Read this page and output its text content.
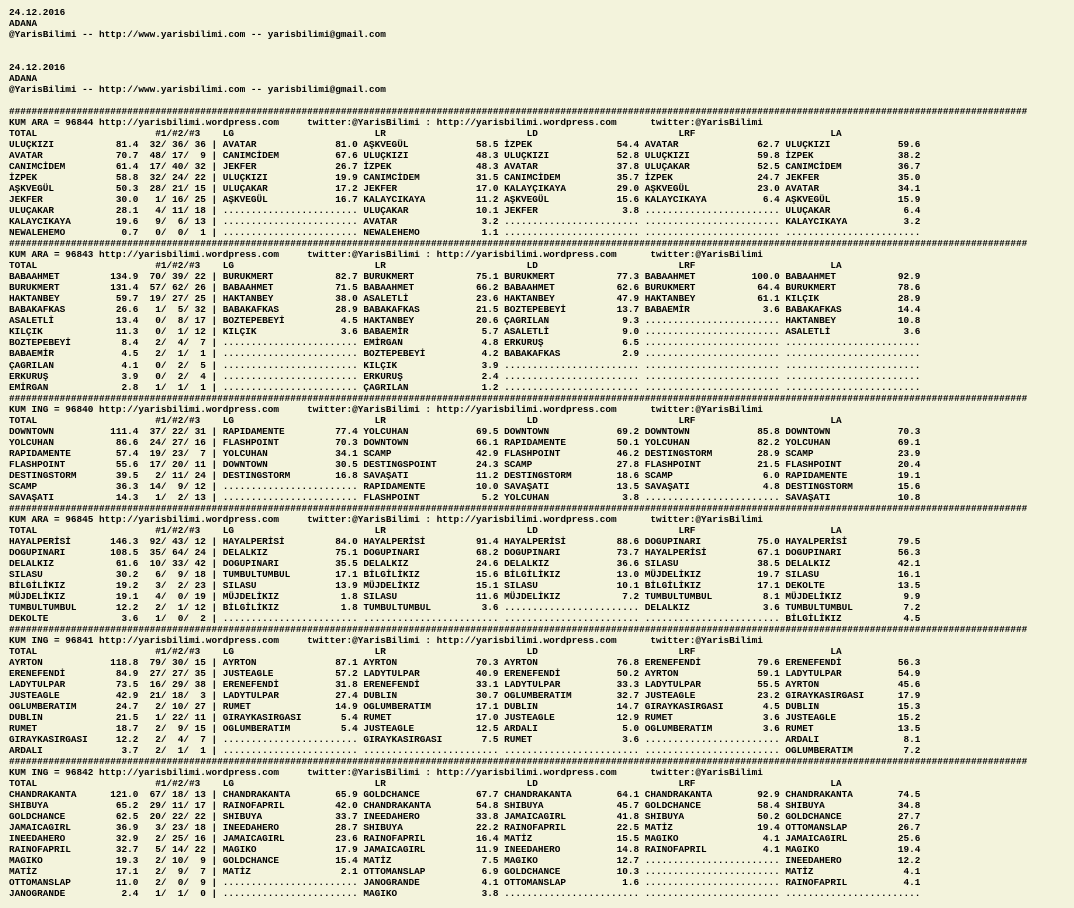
24.12.2016
ADANA
@YarisBilimi -- http://www.yarisbilimi.com -- yarisbilimi@gmail.com
24.12.2016
ADANA
@YarisBilimi -- http://www.yarisbilimi.com -- yarisbilimi@gmail.com
#####################################################################################################################################################################################
KUM ARA = 96844 http://yarisbilimi.wordpress.com     twitter:@YarisBilimi : http://yarisbilimi.wordpress.com      twitter:@YarisBilimi
TOTAL                     #1/#2/#3    LG                         LR                         LD                         LRF                        LA
ULUÇKIZI           81.4  32/ 36/ 36 | AVATAR              81.0 AŞKVEGÜL            58.5 İZPEK               54.4 AVATAR              62.7 ULUÇKIZI            59.6
AVATAR             70.7  48/ 17/  9 | CANIMCİDEM          67.6 ULUÇKIZI            48.3 ULUÇKIZI            52.8 ULUÇKIZI            59.8 İZPEK               38.2
CANIMCİDEM         61.4  17/ 40/ 32 | JEKFER              26.7 İZPEK               48.3 AVATAR              37.8 ULUÇAKAR            52.5 CANIMCİDEM          36.7
İZPEK              58.8  32/ 24/ 22 | ULUÇKIZI            19.9 CANIMCİDEM          31.5 CANIMCİDEM          35.7 İZPEK               24.7 JEKFER              35.0
AŞKVEGÜL           50.3  28/ 21/ 15 | ULUÇAKAR            17.2 JEKFER              17.0 KALAYÇIKAYA         29.0 AŞKVEGÜL            23.0 AVATAR              34.1
JEKFER             30.0   1/ 16/ 25 | AŞKVEGÜL            16.7 KALAYCIKAYA         11.2 AŞKVEGÜL            15.6 KALAYCIKAYA          6.4 AŞKVEGÜL            15.9
ULUÇAKAR           28.1   4/ 11/ 18 | ........................ ULUÇAKAR            10.1 JEKFER               3.8 ........................ ULUÇAKAR             6.4
KALAYCIKAYA        19.6   9/  6/ 13 | ........................ AVATAR               3.2 ........................ ........................ KALAYCIKAYA          3.2
NEWALEHEMO          0.7   0/  0/  1 | ........................ NEWALEHEMO           1.1 ........................ ........................ ........................
#####################################################################################################################################################################################
KUM ARA = 96843 http://yarisbilimi.wordpress.com     twitter:@YarisBilimi : http://yarisbilimi.wordpress.com      twitter:@YarisBilimi
TOTAL                     #1/#2/#3    LG                         LR                         LD                         LRF                        LA
BABAAHMET         134.9  70/ 39/ 22 | BURUKMERT           82.7 BURUKMERT           75.1 BURUKMERT           77.3 BABAAHMET          100.0 BABAAHMET           92.9
BURUKMERT         131.4  57/ 62/ 26 | BABAAHMET           71.5 BABAAHMET           66.2 BABAAHMET           62.6 BURUKMERT           64.4 BURUKMERT           78.6
HAKTANBEY          59.7  19/ 27/ 25 | HAKTANBEY           38.0 ASALETLİ            23.6 HAKTANBEY           47.9 HAKTANBEY           61.1 KILÇIK              28.9
BABAKAFKAS         26.6   1/  5/ 32 | BABAKAFKAS          28.9 BABAKAFKAS          21.5 BOZTEPEBEYİ         13.7 BABAEMİR             3.6 BABAKAFKAS          14.4
ASALETLİ           13.4   0/  8/ 17 | BOZTEPEBEYİ          4.5 HAKTANBEY           20.6 ÇAGRILAN             9.3 ........................ HAKTANBEY           10.8
KILÇIK             11.3   0/  1/ 12 | KILÇIK               3.6 BABAEMİR             5.7 ASALETLİ             9.0 ........................ ASALETLİ             3.6
BOZTEPEBEYİ         8.4   2/  4/  7 | ........................ EMİRGAN              4.8 ERKURUŞ              6.5 ........................ ........................
BABAEMİR            4.5   2/  1/  1 | ........................ BOZTEPEBEYİ          4.2 BABAKAFKAS           2.9 ........................ ........................
ÇAGRILAN            4.1   0/  2/  5 | ........................ KILÇIK               3.9 ........................ ........................ ........................
ERKURUŞ             3.9   0/  2/  4 | ........................ ERKURUŞ              2.4 ........................ ........................ ........................
EMİRGAN             2.8   1/  1/  1 | ........................ ÇAGRILAN             1.2 ........................ ........................ ........................
#####################################################################################################################################################################################
KUM ING = 96840 http://yarisbilimi.wordpress.com     twitter:@YarisBilimi : http://yarisbilimi.wordpress.com      twitter:@YarisBilimi
TOTAL                     #1/#2/#3    LG                         LR                         LD                         LRF                        LA
DOWNTOWN          111.4  37/ 22/ 31 | RAPIDAMENTE         77.4 YOLCUHAN            69.5 DOWNTOWN            69.2 DOWNTOWN            85.8 DOWNTOWN            70.3
YOLCUHAN           86.6  24/ 27/ 16 | FLASHPOINT          70.3 DOWNTOWN            66.1 RAPIDAMENTE         50.1 YOLCUHAN            82.2 YOLCUHAN            69.1
RAPIDAMENTE        57.4  19/ 23/  7 | YOLCUHAN            34.1 SCAMP               42.9 FLASHPOINT          46.2 DESTINGSTORM        28.9 SCAMP               23.9
FLASHPOINT         55.6  17/ 20/ 11 | DOWNTOWN            30.5 DESTINGSPOINT       24.3 SCAMP               27.8 FLASHPOINT          21.5 FLASHPOINT          20.4
DESTINGSTORM       39.5   2/ 11/ 24 | DESTINGSTORM        16.8 SAVAŞATI            11.2 DESTINGSTORM        18.6 SCAMP                6.0 RAPIDAMENTE         19.1
SCAMP              36.3  14/  9/ 12 | ........................ RAPIDAMENTE         10.0 SAVAŞATI            13.5 SAVAŞATI             4.8 DESTINGSTORM        15.6
SAVAŞATI           14.3   1/  2/ 13 | ........................ FLASHPOINT           5.2 YOLCUHAN             3.8 ........................ SAVAŞATI            10.8
#####################################################################################################################################################################################
KUM ARA = 96845 http://yarisbilimi.wordpress.com     twitter:@YarisBilimi : http://yarisbilimi.wordpress.com      twitter:@YarisBilimi
TOTAL                     #1/#2/#3    LG                         LR                         LD                         LRF                        LA
HAYALPERİSİ       146.3  92/ 43/ 12 | HAYALPERİSİ         84.0 HAYALPERİSİ         91.4 HAYALPERİSİ         88.6 DOGUPINARI          75.0 HAYALPERİSİ         79.5
DOGUPINARI        108.5  35/ 64/ 24 | DELALKIZ            75.1 DOGUPINARI          68.2 DOGUPINARI          73.7 HAYALPERİSİ         67.1 DOGUPINARI          56.3
DELALKIZ           61.6  10/ 33/ 42 | DOGUPINARI          35.5 DELALKIZ            24.6 DELALKIZ            36.6 SILASU              38.5 DELALKIZ            42.1
SILASU             30.2   6/  9/ 18 | TUMBULTUMBUL        17.1 BİLGİLİKIZ          15.6 BİLGİLİKIZ          13.0 MÜJDELİKIZ          19.7 SILASU              16.1
BİLGİLİKIZ         19.2   3/  2/ 23 | SILASU              13.9 MÜJDELİKIZ          15.1 SILASU              10.1 BİLGİLİKIZ          17.1 DEKOLTE             13.5
MÜJDELİKIZ         19.1   4/  0/ 19 | MÜJDELİKIZ           1.8 SILASU              11.6 MÜJDELİKIZ           7.2 TUMBULTUMBUL         8.1 MÜJDELİKIZ           9.9
TUMBULTUMBUL       12.2   2/  1/ 12 | BİLGİLİKIZ           1.8 TUMBULTUMBUL         3.6 ........................ DELALKIZ             3.6 TUMBULTUMBUL         7.2
DEKOLTE             3.6   1/  0/  2 | ........................ ........................ ........................ ........................ BİLGİLİKIZ           4.5
#####################################################################################################################################################################################
KUM ING = 96841 http://yarisbilimi.wordpress.com     twitter:@YarisBilimi : http://yarisbilimi.wordpress.com      twitter:@YarisBilimi
TOTAL                     #1/#2/#3    LG                         LR                         LD                         LRF                        LA
AYRTON            118.8  79/ 30/ 15 | AYRTON              87.1 AYRTON              70.3 AYRTON              76.8 ERENEFENDİ          79.6 ERENEFENDİ          56.3
ERENEFENDİ         84.9  27/ 27/ 35 | JUSTEAGLE           57.2 LADYTULPAR          40.9 ERENEFENDİ          50.2 AYRTON              59.1 LADYTULPAR          54.9
LADYTULPAR         73.5  16/ 29/ 38 | ERENEFENDİ          31.8 ERENEFENDİ          33.1 LADYTULPAR          33.3 LADYTULPAR          55.5 AYRTON              45.6
JUSTEAGLE          42.9  21/ 18/  3 | LADYTULPAR          27.4 DUBLIN              30.7 OGLUMBERATIM        32.7 JUSTEAGLE           23.2 GIRAYKASIRGASI      17.9
OGLUMBERATIM       24.7   2/ 10/ 27 | RUMET               14.9 OGLUMBERATIM        17.1 DUBLIN              14.7 GIRAYKASIRGASI       4.5 DUBLIN              15.3
DUBLIN             21.5   1/ 22/ 11 | GIRAYKASIRGASI       5.4 RUMET               17.0 JUSTEAGLE           12.9 RUMET                3.6 JUSTEAGLE           15.2
RUMET              18.7   2/  9/ 15 | OGLUMBERATIM         5.4 JUSTEAGLE           12.5 ARDALI               5.0 OGLUMBERATIM         3.6 RUMET               13.5
GIRAYKASIRGASI     12.2   2/  4/  7 | ........................ GIRAYKASIRGASI       7.5 RUMET                3.6 ........................ ARDALI               8.1
ARDALI              3.7   2/  1/  1 | ........................ ........................ ........................ ........................ OGLUMBERATIM         7.2
#####################################################################################################################################################################################
KUM ING = 96842 http://yarisbilimi.wordpress.com     twitter:@YarisBilimi : http://yarisbilimi.wordpress.com      twitter:@YarisBilimi
TOTAL                     #1/#2/#3    LG                         LR                         LD                         LRF                        LA
CHANDRAKANTA      121.0  67/ 18/ 13 | CHANDRAKANTA        65.9 GOLDCHANCE          67.7 CHANDRAKANTA        64.1 CHANDRAKANTA        92.9 CHANDRAKANTA        74.5
SHIBUYA            65.2  29/ 11/ 17 | RAINOFAPRIL         42.0 CHANDRAKANTA        54.8 SHIBUYA             45.7 GOLDCHANCE          58.4 SHIBUYA             34.8
GOLDCHANCE         62.5  20/ 22/ 22 | SHIBUYA             33.7 INEEDAHERO          33.8 JAMAICAGIRL         41.8 SHIBUYA             50.2 GOLDCHANCE          27.7
JAMAICAGIRL        36.9   3/ 23/ 18 | INEEDAHERO          28.7 SHIBUYA             22.2 RAINOFAPRIL         22.5 MATİZ               19.4 OTTOMANSLAP         26.7
INEEDAHERO         32.9   2/ 25/ 16 | JAMAICAGIRL         23.6 RAINOFAPRIL         16.4 MATİZ               15.5 MAGIKO               4.1 JAMAICAGIRL         25.6
RAINOFAPRIL        32.7   5/ 14/ 22 | MAGIKO              17.9 JAMAICAGIRL         11.9 INEEDAHERO          14.8 RAINOFAPRIL          4.1 MAGIKO              19.4
MAGIKO             19.3   2/ 10/  9 | GOLDCHANCE          15.4 MATİZ                7.5 MAGIKO              12.7 ........................ INEEDAHERO          12.2
MATİZ              17.1   2/  9/  7 | MATİZ                2.1 OTTOMANSLAP          6.9 GOLDCHANCE          10.3 ........................ MATİZ                4.1
OTTOMANSLAP        11.0   2/  0/  9 | ........................ JANOGRANDE           4.1 OTTOMANSLAP          1.6 ........................ RAINOFAPRIL          4.1
JANOGRANDE          2.4   1/  1/  0 | ........................ MAGIKO               3.8 ........................ ........................ ........................
